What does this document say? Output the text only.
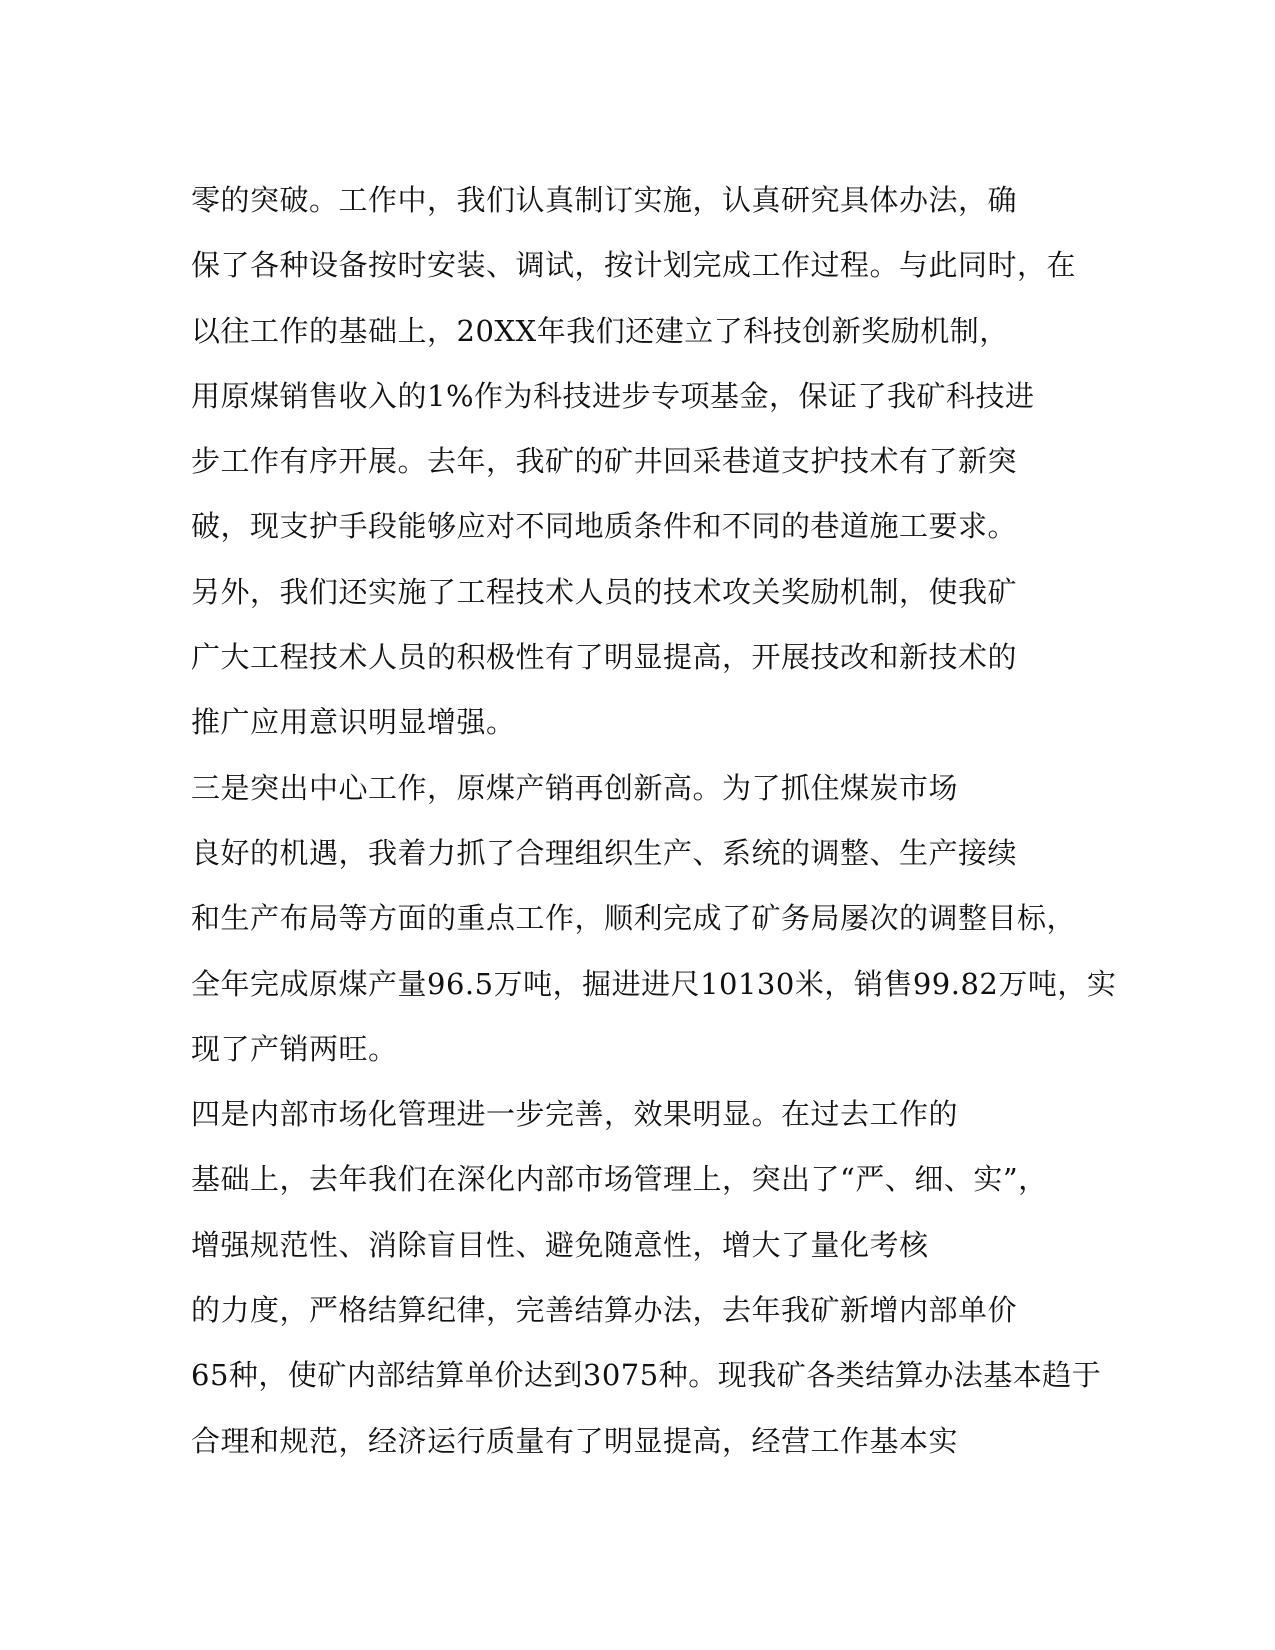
零的突破。工作中，我们认真制订实施，认真研究具体办法，确
保了各种设备按时安装、调试，按计划完成工作过程。与此同时，在
以往工作的基础上，20XX年我们还建立了科技创新奖励机制，
用原煤销售收入的1%作为科技进步专项基金，保证了我矿科技进
步工作有序开展。去年，我矿的矿井回采巷道支护技术有了新突
破，现支护手段能够应对不同地质条件和不同的巷道施工要求。
另外，我们还实施了工程技术人员的技术攻关奖励机制，使我矿
广大工程技术人员的积极性有了明显提高，开展技改和新技术的
推广应用意识明显增强。
三是突出中心工作，原煤产销再创新高。为了抓住煤炭市场
良好的机遇，我着力抓了合理组织生产、系统的调整、生产接续
和生产布局等方面的重点工作，顺利完成了矿务局屡次的调整目标，
全年完成原煤产量96.5万吨，掘进进尺10130米，销售99.82万吨，实
现了产销两旺。
四是内部市场化管理进一步完善，效果明显。在过去工作的
基础上，去年我们在深化内部市场管理上，突出了“严、细、实”，
增强规范性、消除盲目性、避免随意性，增大了量化考核
的力度，严格结算纪律，完善结算办法，去年我矿新增内部单价
65种，使矿内部结算单价达到3075种。现我矿各类结算办法基本趋于
合理和规范，经济运行质量有了明显提高，经营工作基本实
